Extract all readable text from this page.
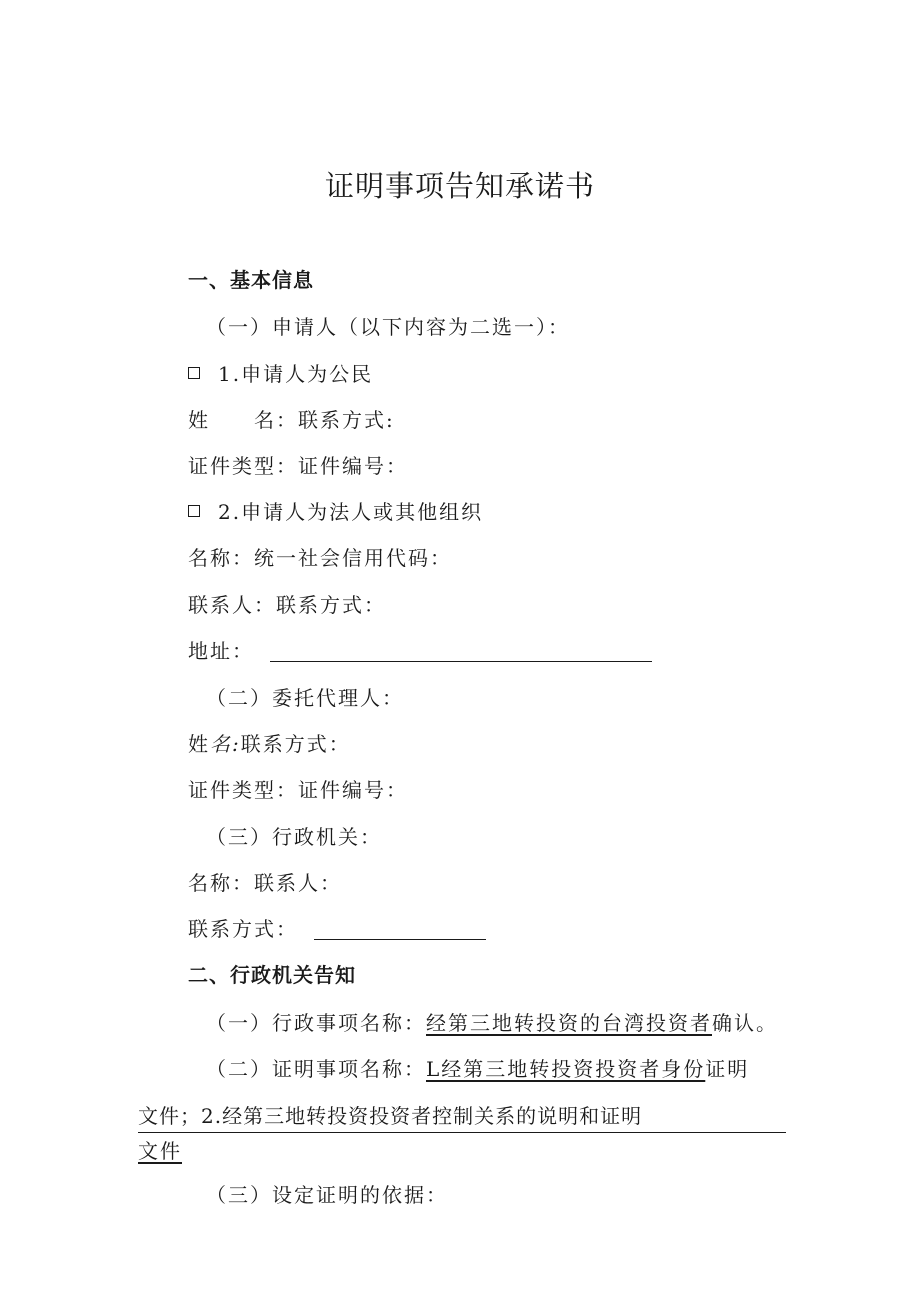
证明事项告知承诺书
一、基本信息
（一）申请人（以下内容为二选一）：
1.申请人为公民
姓　　名：联系方式:
证件类型：证件编号：
2.申请人为法人或其他组织
名称：统一社会信用代码：
联系人：联系方式：
地址：
（二）委托代理人：
姓名:联系方式：
证件类型：证件编号：
（三）行政机关：
名称：联系人：
联系方式：
二、行政机关告知
（一）行政事项名称：经第三地转投资的台湾投资者确认。
（二）证明事项名称：L经第三地转投资投资者身份证明
文件；2.经第三地转投资投资者控制关系的说明和证明
文件
（三）设定证明的依据：
